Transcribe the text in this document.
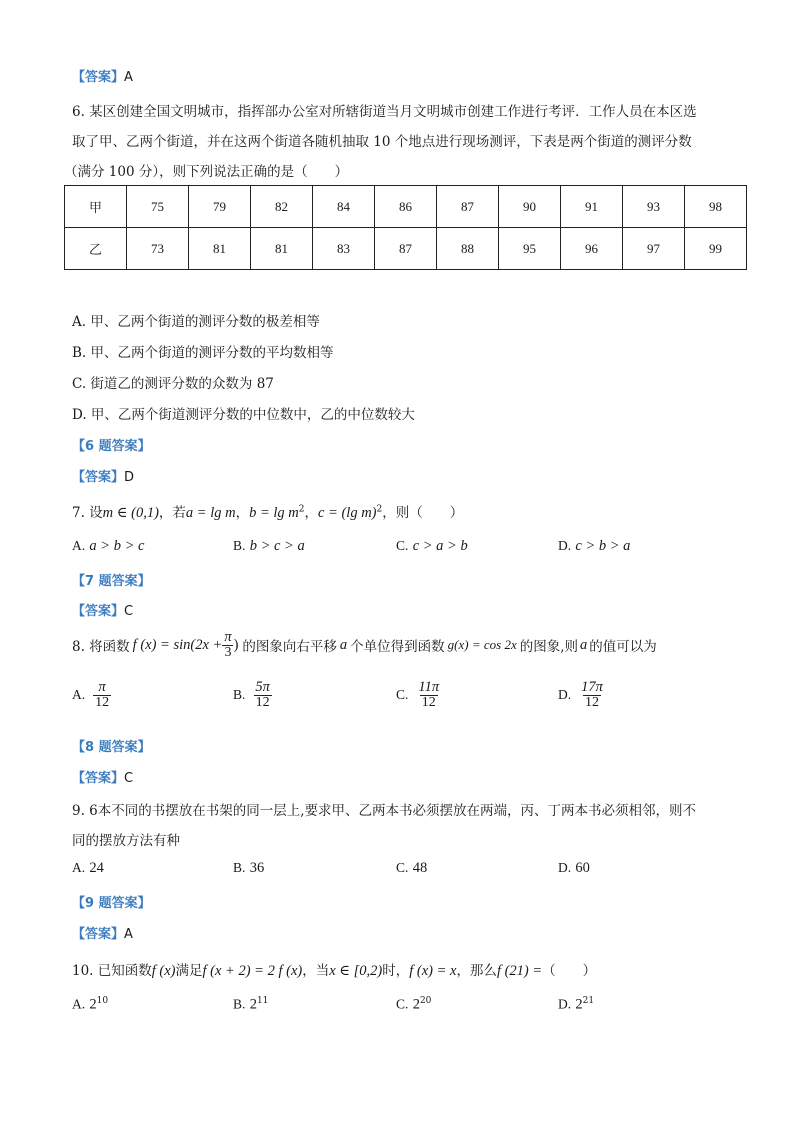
【答案】A
6. 某区创建全国文明城市，指挥部办公室对所辖街道当月文明城市创建工作进行考评．工作人员在本区选
取了甲、乙两个街道，并在这两个街道各随机抽取 10 个地点进行现场测评，下表是两个街道的测评分数
（满分 100 分），则下列说法正确的是（　　）
甲	75	79	82	84	86	87	90	91	93	98
乙	73	81	81	83	87	88	95	96	97	99
A. 甲、乙两个街道的测评分数的极差相等
B. 甲、乙两个街道的测评分数的平均数相等
C. 街道乙的测评分数的众数为 87
D. 甲、乙两个街道测评分数的中位数中，乙的中位数较大
【6 题答案】
【答案】D
7. 设m ∈ (0,1)，若a = lg m，$b = \lg m^2$，c = (lg m)$^2$，则（　　）
A. a > b > c	B. b > c > a	C. c > a > b	D. c > b > a
【7 题答案】
【答案】C
8. 将函数 f $(x) = \sin(2x + \frac{\pi}{3}$ ) 的图象向右平移 a 个单位得到函数 g(x) = cos 2x 的图象,则 a 的值可以为
A. $\frac{\pi}{12}$	B. $\frac{5\pi}{12}$	C. $\frac{11\pi}{12}$	D. $\frac{17\pi}{12}$
【8 题答案】
【答案】C
9. 6本不同的书摆放在书架的同一层上,要求甲、乙两本书必须摆放在两端，丙、丁两本书必须相邻，则不
同的摆放方法有种
A. 24	B. 36	C. 48	D. 60
【9 题答案】
【答案】A
10. 已知函数f (x)满足f (x + 2) = 2 f (x)，当x ∈ [0,2)时，f (x) = x，那么f (21) =（　　）
A. $2^{10}$	B. $2^{11}$	C. $2^{20}$	D. $2^{21}$
